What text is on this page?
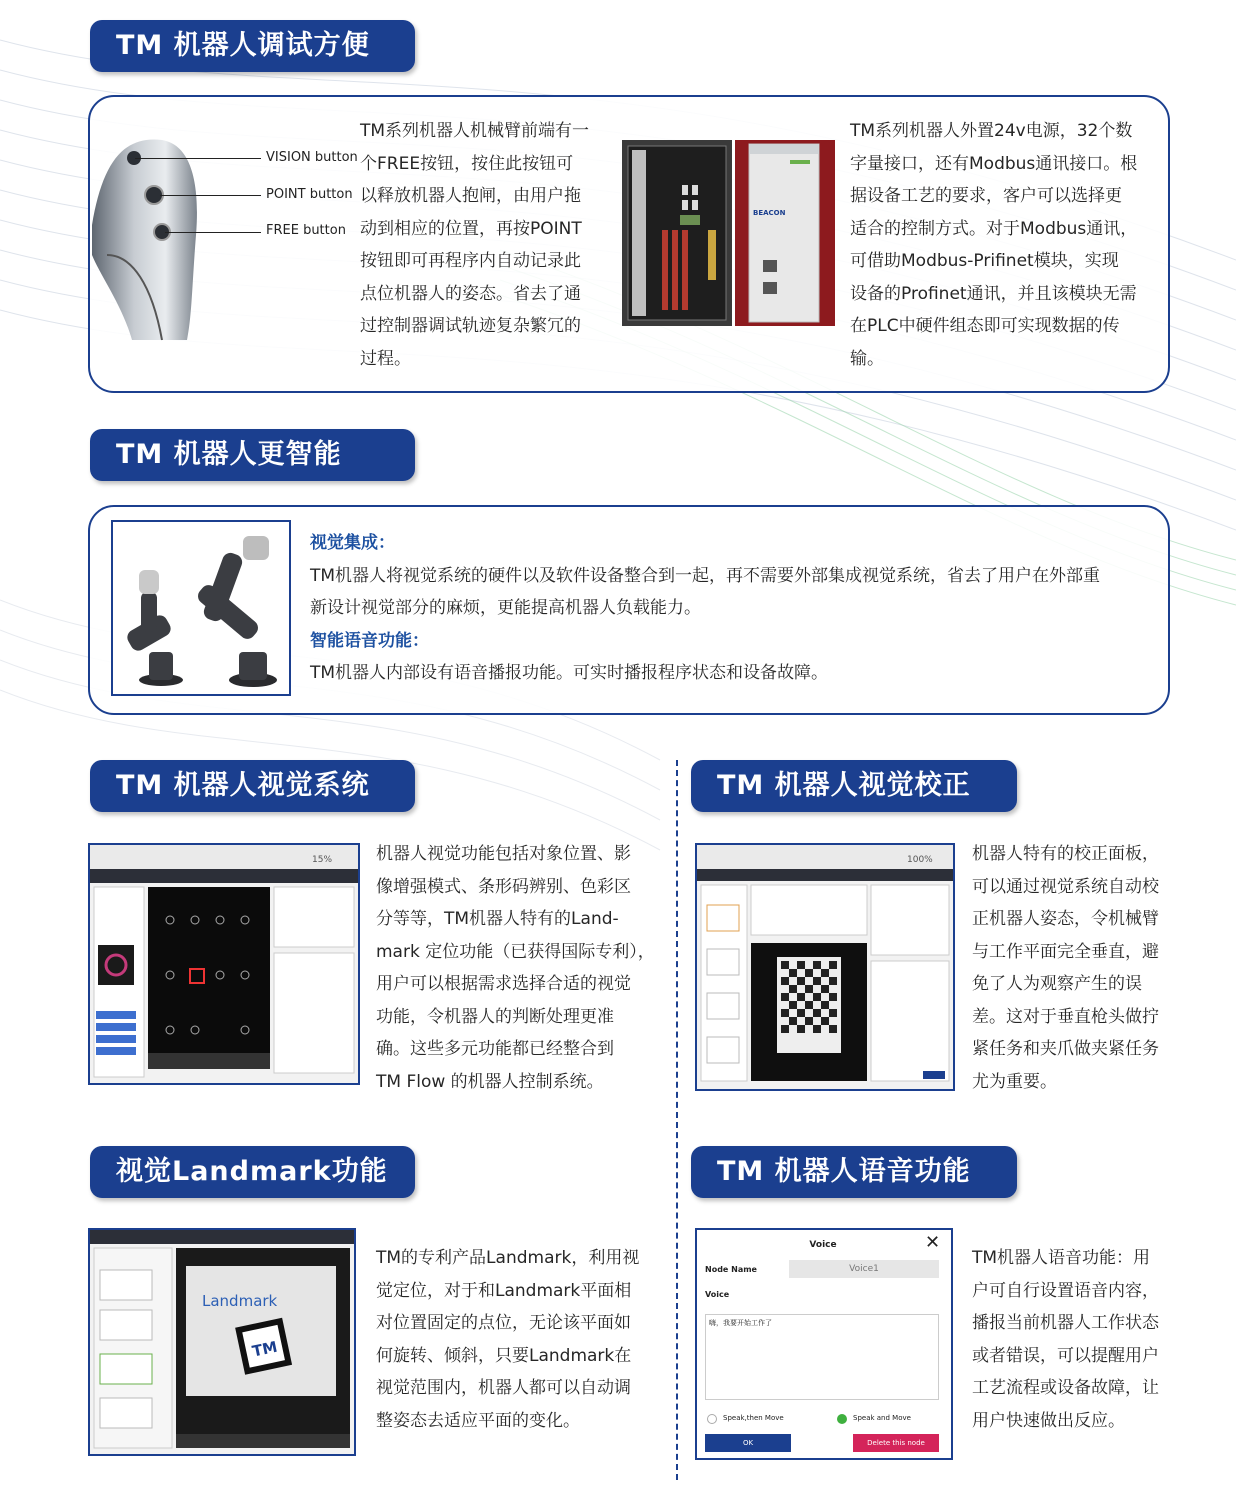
TM 机器人调试方便
VISION button
POINT button
FREE button
TM系列机器人机械臂前端有一
个FREE按钮，按住此按钮可
以释放机器人抱闸，由用户拖
动到相应的位置，再按POINT
按钮即可再程序内自动记录此
点位机器人的姿态。省去了通
过控制器调试轨迹复杂繁冗的
过程。
BEACON
TM系列机器人外置24v电源，32个数
字量接口，还有Modbus通讯接口。根
据设备工艺的要求，客户可以选择更
适合的控制方式。对于Modbus通讯，
可借助Modbus-Prifinet模块，实现
设备的Profinet通讯，并且该模块无需
在PLC中硬件组态即可实现数据的传
输。
TM 机器人更智能
视觉集成：
TM机器人将视觉系统的硬件以及软件设备整合到一起，再不需要外部集成视觉系统，省去了用户在外部重
新设计视觉部分的麻烦，更能提高机器人负载能力。
智能语音功能：
TM机器人内部设有语音播报功能。可实时播报程序状态和设备故障。
TM 机器人视觉系统
15%	机器人视觉功能包括对象位置、影
像增强模式、条形码辨别、色彩区
分等等，TM机器人特有的Land-
mark 定位功能（已获得国际专利），
用户可以根据需求选择合适的视觉
功能，令机器人的判断处理更准
确。这些多元功能都已经整合到
TM Flow 的机器人控制系统。
TM 机器人视觉校正
100% 机器人特有的校正面板，
可以通过视觉系统自动校
正机器人姿态，令机械臂
与工作平面完全垂直，避
免了人为观察产生的误
差。这对于垂直枪头做拧
紧任务和夹爪做夹紧任务
尤为重要。
视觉Landmark功能
Landmark
TM
TM的专利产品Landmark，利用视
觉定位，对于和Landmark平面相
对位置固定的点位，无论该平面如
何旋转、倾斜，只要Landmark在
视觉范围内，机器人都可以自动调
整姿态去适应平面的变化。
TM 机器人语音功能
Voice	✕
Node Name	Voice1
Voice
嗨，我要开始工作了
Speak,then Move	Speak and Move
OK	Delete this node
TM机器人语音功能：用
户可自行设置语音内容，
播报当前机器人工作状态
或者错误，可以提醒用户
工艺流程或设备故障，让
用户快速做出反应。
